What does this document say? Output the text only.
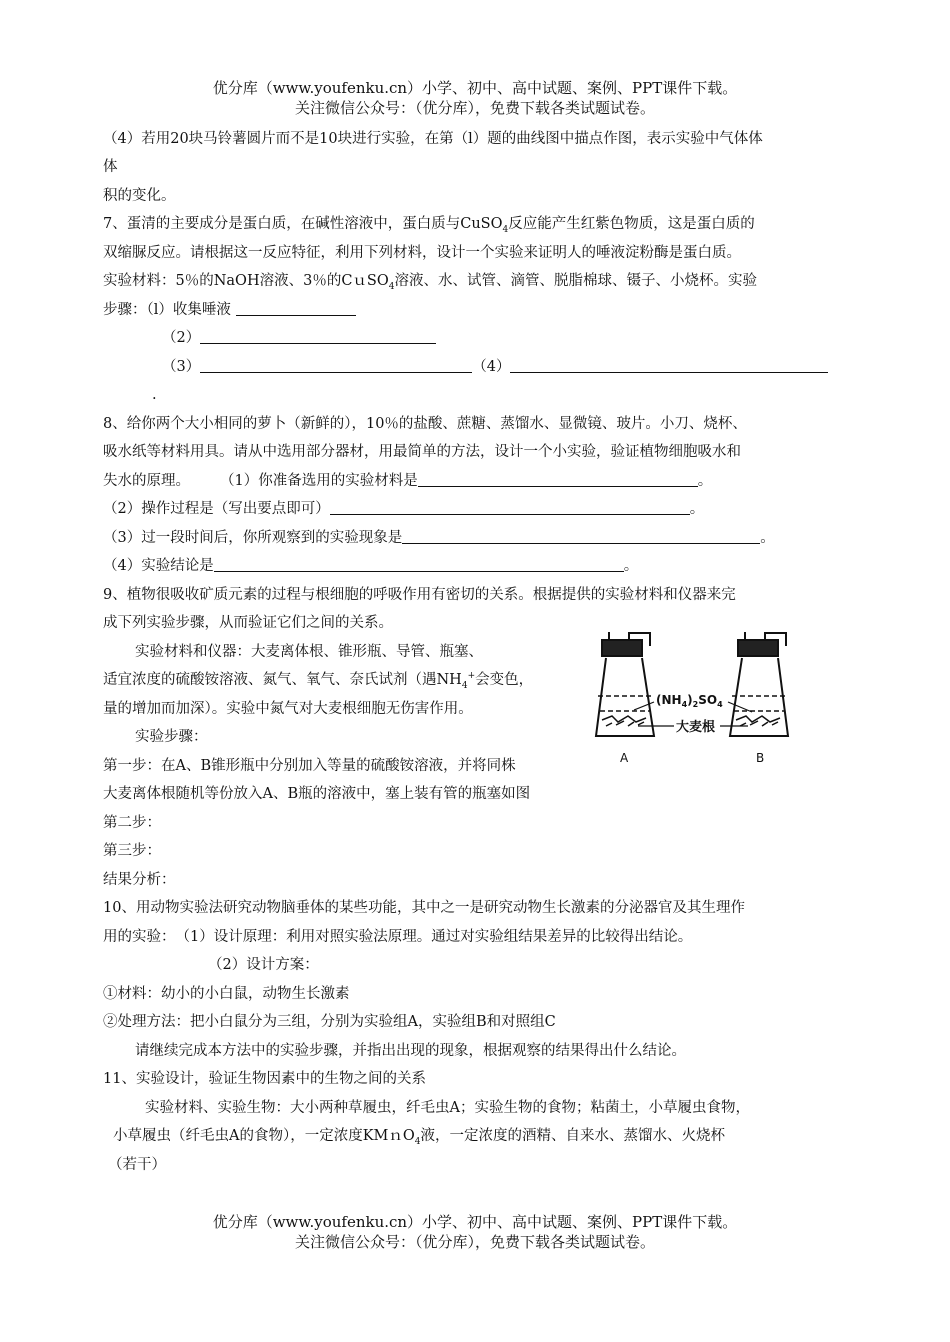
优分库（www.youfenku.cn）小学、初中、高中试题、案例、PPT课件下载。
关注微信公众号：（优分库），免费下载各类试题试卷。
（4）若用20块马铃薯圆片而不是10块进行实验，在第（l）题的曲线图中描点作图，表示实验中气体体
体
积的变化。
7、蛋清的主要成分是蛋白质，在碱性溶液中，蛋白质与CuSO$_4$反应能产生红紫色物质，这是蛋白质的
双缩脲反应。请根据这一反应特征，利用下列材料，设计一个实验来证明人的唾液淀粉酶是蛋白质。
实验材料：5％的NaOH溶液、3％的CｕSO$_4$溶液、水、试管、滴管、脱脂棉球、镊子、小烧杯。实验
步骤：（l）收集唾液
（2）
（3）	（4）
.
8、给你两个大小相同的萝卜（新鲜的），10％的盐酸、蔗糖、蒸馏水、显微镜、玻片。小刀、烧杯、
吸水纸等材料用具。请从中选用部分器材，用最简单的方法，设计一个小实验，验证植物细胞吸水和
失水的原理。 （1）你准备选用的实验材料是	。
（2）操作过程是（写出要点即可）	。
（3）过一段时间后，你所观察到的实验现象是	。
（4）实验结论是	。
9、植物很吸收矿质元素的过程与根细胞的呼吸作用有密切的关系。根据提供的实验材料和仪器来完
成下列实验步骤，从而验证它们之间的关系。
实验材料和仪器：大麦离体根、锥形瓶、导管、瓶塞、
适宜浓度的硫酸铵溶液、氮气、氧气、奈氏试剂（遇$NH_4^+$会变色，
量的增加而加深）。实验中氮气对大麦根细胞无伤害作用。
实验步骤：
第一步：在A、B锥形瓶中分别加入等量的硫酸铵溶液，并将同株
大麦离体根随机等份放入A、B瓶的溶液中，塞上装有管的瓶塞如图
第二步：
第三步：
结果分析：
$(NH_4)_2SO_4$
大麦根
A	B
10、用动物实验法研究动物脑垂体的某些功能，其中之一是研究动物生长激素的分泌器官及其生理作
用的实验：　（1）设计原理：利用对照实验法原理。通过对实验组结果差异的比较得出结论。
（2）设计方案：
①材料：幼小的小白鼠，动物生长激素
②处理方法：把小白鼠分为三组，分别为实验组A，实验组B和对照组C
请继续完成本方法中的实验步骤，并指出出现的现象，根据观察的结果得出什么结论。
11、实验设计，验证生物因素中的生物之间的关系
实验材料、实验生物：大小两种草履虫，纤毛虫A；实验生物的食物；粘菌土，小草履虫食物，
小草履虫（纤毛虫A的食物），一定浓度KMｎO$_4$液，一定浓度的酒精、自来水、蒸馏水、火烧杯
（若干）
优分库（www.youfenku.cn）小学、初中、高中试题、案例、PPT课件下载。
关注微信公众号：（优分库），免费下载各类试题试卷。
